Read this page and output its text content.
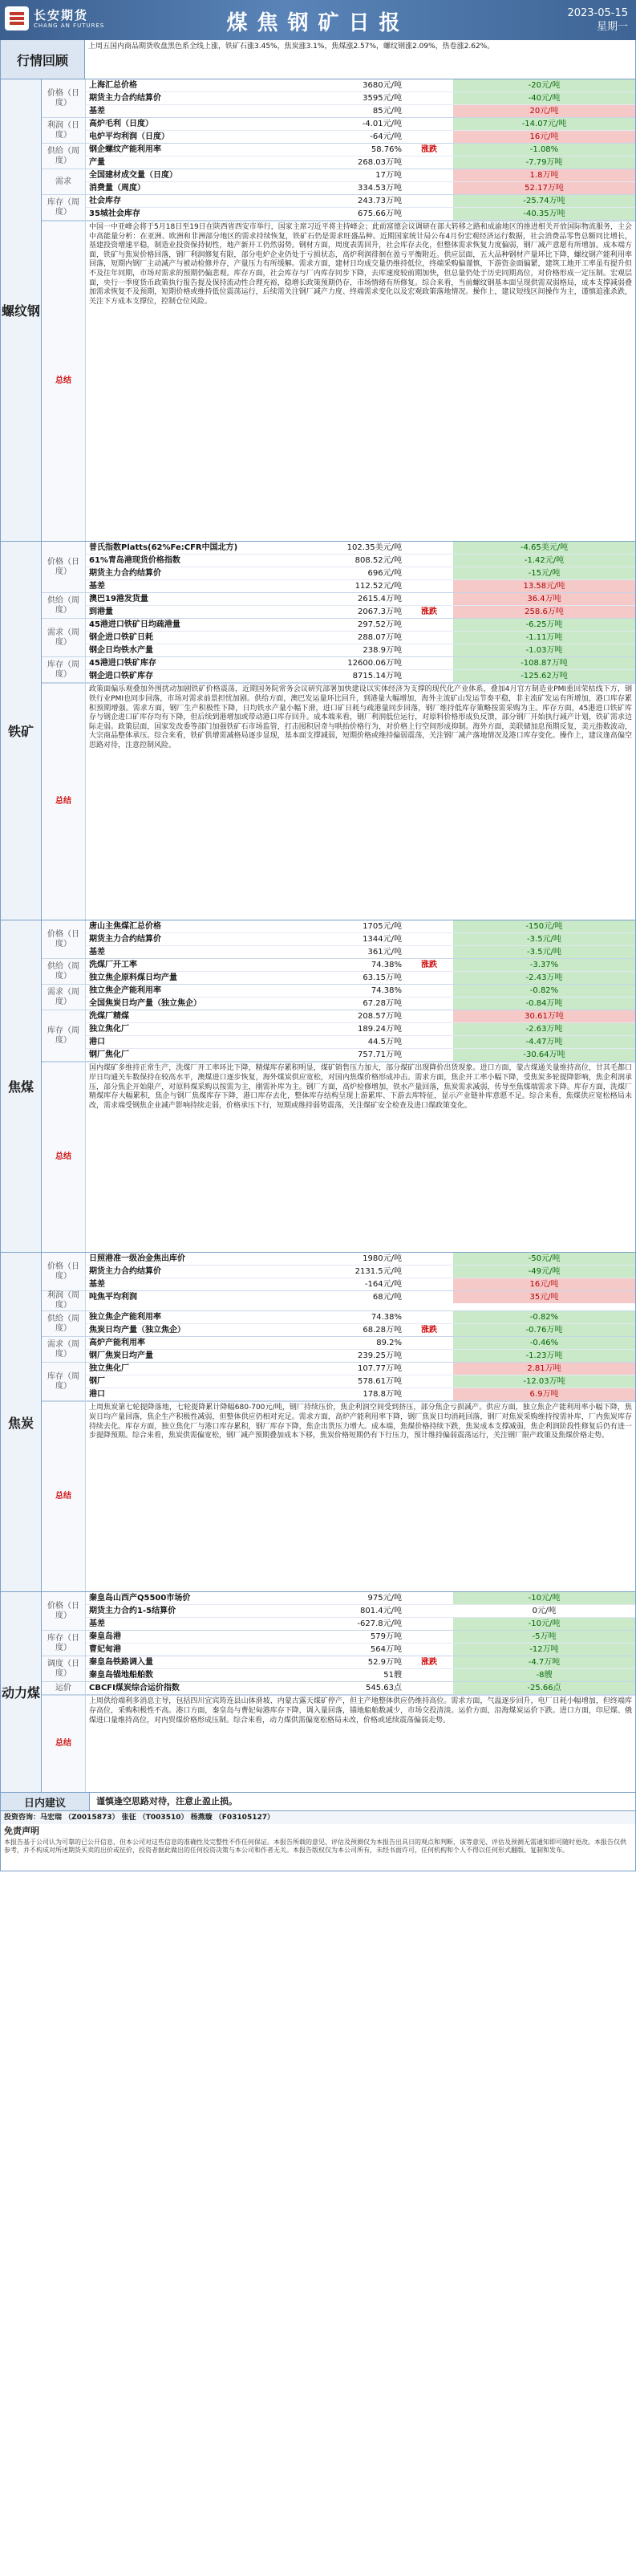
长安期货
CHANG AN FUTURES	煤焦钢矿日报	2023-05-15
星期一
行情回顾
上周五国内商品期货收盘黑色系全线上涨，铁矿石涨3.45%，焦炭涨3.1%，焦煤涨2.57%，螺纹钢涨2.09%，热卷涨2.62%。
螺纹钢
价格（日度）
上海汇总价格	3680元/吨	-20元/吨
期货主力合约结算价	3595元/吨	-40元/吨
基差	85元/吨	20元/吨
利润（日度）
高炉毛利（日度）	-4.01元/吨	-14.07元/吨
电炉平均利润（日度）	-64元/吨	16元/吨
供给（周度）
钢企螺纹产能利用率	58.76%	涨跌	-1.08%
产量	268.03万吨	-7.79万吨
需求
全国建材成交量（日度）	17万吨	1.8万吨
消费量（周度）	334.53万吨	52.17万吨
库存（周度）
社会库存	243.73万吨	-25.74万吨
35城社会库存	675.66万吨	-40.35万吨
总结
中国一中亚峰会将于5月18日至19日在陕西省西安市举行，国家主席习近平将主持峰会；此前富德会议调研在部大转移之路和成渝地区的推进相关开放国际物流服务，主会中高能量分析：在亚洲、欧洲和非洲部分地区的需求持续恢复，铁矿石仍是需求旺盛品种。近期国家统计局公布4月份宏观经济运行数据，社会消费品零售总额同比增长，基建投资增速平稳，制造业投资保持韧性，地产新开工仍然弱势。钢材方面，周度表需回升，社会库存去化，但整体需求恢复力度偏弱，钢厂减产意愿有所增加。成本端方面，铁矿与焦炭价格回落，钢厂利润修复有限，部分电炉企业仍处于亏损状态，高炉利润徘徊在盈亏平衡附近。供应层面，五大品种钢材产量环比下降，螺纹钢产能利用率回落，短期内钢厂主动减产与被动检修并存，产量压力有所缓解。需求方面，建材日均成交量仍维持低位，终端采购偏谨慎，下游资金面偏紧，建筑工地开工率虽有提升但不及往年同期，市场对需求的预期仍偏悲观。库存方面，社会库存与厂内库存同步下降，去库速度较前期加快，但总量仍处于历史同期高位，对价格形成一定压制。宏观层面，央行一季度货币政策执行报告提及保持流动性合理充裕，稳增长政策预期仍存，市场情绪有所修复。综合来看，当前螺纹钢基本面呈现供需双弱格局，成本支撑减弱叠加需求恢复不及预期，短期价格或维持低位震荡运行，后续需关注钢厂减产力度、终端需求变化以及宏观政策落地情况。操作上，建议短线区间操作为主，谨慎追涨杀跌，关注下方成本支撑位，控制仓位风险。
铁矿
价格（日度）
普氏指数Platts(62%Fe:CFR中国北方)	102.35美元/吨	-4.65美元/吨
61%青岛港现货价格指数	808.52元/吨	-1.42元/吨
期货主力合约结算价	696元/吨	-15元/吨
基差	112.52元/吨	13.58元/吨
供给（周度）
澳巴19港发货量	2615.4万吨	36.4万吨
到港量	2067.3万吨	涨跌	258.6万吨
需求（周度）
45港进口铁矿日均疏港量	297.52万吨	-6.25万吨
钢企进口铁矿日耗	288.07万吨	-1.11万吨
钢企日均铁水产量	238.9万吨	-1.03万吨
库存（周度）
45港进口铁矿库存	12600.06万吨	-108.87万吨
钢企进口铁矿库存	8715.14万吨	-125.62万吨
总结
政策面偏乐观叠加外围扰动加剧铁矿价格震荡，近期国务院常务会议研究部署加快建设以实体经济为支撑的现代化产业体系，叠加4月官方制造业PMI重回荣枯线下方，钢铁行业PMI也同步回落，市场对需求前景担忧加剧。供给方面，澳巴发运量环比回升，到港量大幅增加，海外主流矿山发运节奏平稳，非主流矿发运有所增加，港口库存累积预期增强。需求方面，钢厂生产积极性下降，日均铁水产量小幅下滑，进口矿日耗与疏港量同步回落，钢厂维持低库存策略按需采购为主。库存方面，45港进口铁矿库存与钢企进口矿库存均有下降，但后续到港增加或带动港口库存回升。成本端来看，钢厂利润低位运行，对原料价格形成负反馈，部分钢厂开始执行减产计划，铁矿需求边际走弱。政策层面，国家发改委等部门加强铁矿石市场监管，打击囤积居奇与哄抬价格行为，对价格上行空间形成抑制。海外方面，美联储加息预期反复，美元指数波动，大宗商品整体承压。综合来看，铁矿供增需减格局逐步显现，基本面支撑减弱，短期价格或维持偏弱震荡，关注钢厂减产落地情况及港口库存变化。操作上，建议逢高偏空思路对待，注意控制风险。
焦煤
价格（日度）
唐山主焦煤汇总价格	1705元/吨	-150元/吨
期货主力合约结算价	1344元/吨	-3.5元/吨
基差	361元/吨	-3.5元/吨
供给（周度）
洗煤厂开工率	74.38%	涨跌	-3.37%
独立焦企原料煤日均产量	63.15万吨	-2.43万吨
需求（周度）
独立焦企产能利用率	74.38%	-0.82%
全国焦炭日均产量（独立焦企）	67.28万吨	-0.84万吨
库存（周度）
洗煤厂精煤	208.57万吨	30.61万吨
独立焦化厂	189.24万吨	-2.63万吨
港口	44.5万吨	-4.47万吨
钢厂焦化厂	757.71万吨	-30.64万吨
总结
国内煤矿多维持正常生产，洗煤厂开工率环比下降，精煤库存累积明显，煤矿销售压力加大，部分煤矿出现降价出货现象。进口方面，蒙古煤通关量维持高位，甘其毛都口岸日均通关车数保持在较高水平，澳煤进口逐步恢复，海外煤炭供应宽松，对国内焦煤价格形成冲击。需求方面，焦企开工率小幅下降，受焦炭多轮提降影响，焦企利润承压，部分焦企开始限产，对原料煤采购以按需为主，刚需补库为主。钢厂方面，高炉检修增加，铁水产量回落，焦炭需求减弱，传导至焦煤端需求下降。库存方面，洗煤厂精煤库存大幅累积，焦企与钢厂焦煤库存下降，港口库存去化，整体库存结构呈现上游累库、下游去库特征，显示产业链补库意愿不足。综合来看，焦煤供应宽松格局未改，需求端受钢焦企业减产影响持续走弱，价格承压下行，短期或维持弱势震荡，关注煤矿安全检查及进口煤政策变化。
焦炭
价格（日度）
日照港准一级冶金焦出库价	1980元/吨	-50元/吨
期货主力合约结算价	2131.5元/吨	-49元/吨
基差	-164元/吨	16元/吨
利润（周度）
吨焦平均利润	68元/吨	35元/吨
供给（周度）
独立焦企产能利用率	74.38%	-0.82%
焦炭日均产量（独立焦企）	68.28万吨	涨跌	-0.76万吨
需求（周度）
高炉产能利用率	89.2%	-0.46%
钢厂焦炭日均产量	239.25万吨	-1.23万吨
库存（周度）
独立焦化厂	107.77万吨	2.81万吨
钢厂	578.61万吨	-12.03万吨
港口	178.8万吨	6.9万吨
总结
上周焦炭第七轮提降落地，七轮提降累计降幅680-700元/吨，钢厂持续压价，焦企利润空间受到挤压，部分焦企亏损减产。供应方面，独立焦企产能利用率小幅下降，焦炭日均产量回落，焦企生产积极性减弱，但整体供应仍相对充足。需求方面，高炉产能利用率下降，钢厂焦炭日均消耗回落，钢厂对焦炭采购维持按需补库，厂内焦炭库存持续去化。库存方面，独立焦化厂与港口库存累积，钢厂库存下降，焦企出货压力增大。成本端，焦煤价格持续下跌，焦炭成本支撑减弱，焦企利润阶段性修复后仍有进一步提降预期。综合来看，焦炭供需偏宽松，钢厂减产预期叠加成本下移，焦炭价格短期仍有下行压力，预计维持偏弱震荡运行，关注钢厂限产政策及焦煤价格走势。
动力煤
价格（日度）
秦皇岛山西产Q5500市场价	975元/吨	-10元/吨
期货主力合约1-5结算价	801.4元/吨	0元/吨
基差	-627.8元/吨	-10元/吨
库存（日度）
秦皇岛港	579万吨	-5万吨
曹妃甸港	564万吨	-12万吨
调度（日度）
秦皇岛铁路调入量	52.9万吨	涨跌	-4.7万吨
秦皇岛锚地船舶数	51艘	-8艘
运价	CBCFI煤炭综合运价指数	545.63点	-25.66点
总结
上周供给端利多消息主导，包括四川宜宾筠连县山体滑坡、内蒙古露天煤矿停产，但主产地整体供应仍维持高位。需求方面，气温逐步回升，电厂日耗小幅增加，但终端库存高位，采购积极性不高。港口方面，秦皇岛与曹妃甸港库存下降，调入量回落，锚地船舶数减少，市场交投清淡。运价方面，沿海煤炭运价下跌。进口方面，印尼煤、俄煤进口量维持高位，对内贸煤价格形成压制。综合来看，动力煤供需偏宽松格局未改，价格或延续震荡偏弱走势。
日内建议	谨慎逢空思路对待，注意止盈止损。
投资咨询：马宏瑞 （Z0015873） 张征 （T003510） 杨燕璇 （F03105127）
免责声明
本报告基于公司认为可靠的已公开信息，但本公司对这些信息的准确性及完整性不作任何保证。本报告所载的意见、评估及预测仅为本报告出具日的观点和判断，该等意见、评估及预测无需通知即可随时更改。本报告仅供参考，并不构成对所述期货买卖的出价或征价，投资者据此做出的任何投资决策与本公司和作者无关。本报告版权仅为本公司所有，未经书面许可，任何机构和个人不得以任何形式翻版、复制和发布。
